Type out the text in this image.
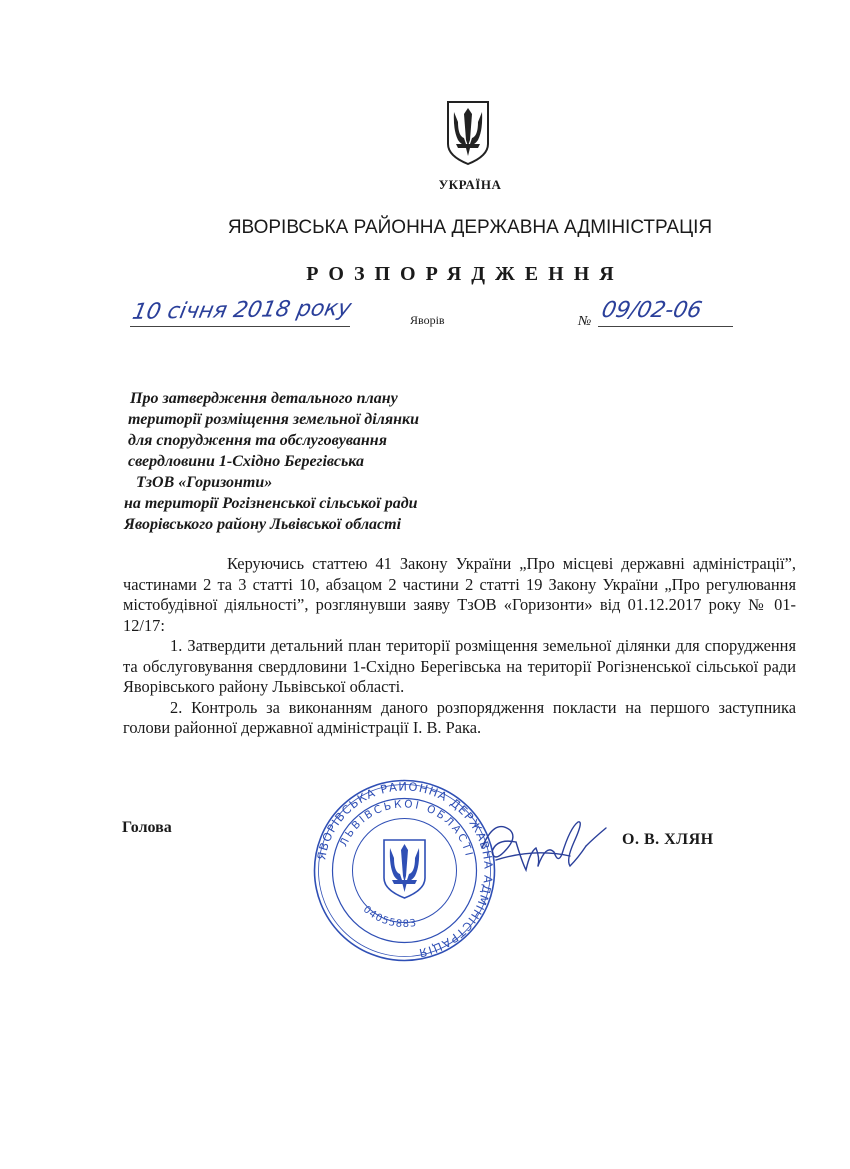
УКРАЇНА
ЯВОРІВСЬКА РАЙОННА ДЕРЖАВНА АДМІНІСТРАЦІЯ
РОЗПОРЯДЖЕННЯ
10 січня 2018 року	Яворів	№ 09/02-06
Про затвердження детального плану
території розміщення земельної ділянки
для спорудження та обслуговування
свердловини 1-Східно Берегівська
ТзОВ «Горизонти»
на території Рогізненської сільської ради
Яворівського району Львівської області

Керуючись статтею 41 Закону України „Про місцеві державні адміністрації”, частинами 2 та 3 статті 10, абзацом 2 частини 2 статті 19 Закону України „Про регулювання містобудівної діяльності”, розглянувши заяву ТзОВ «Горизонти» від 01.12.2017 року № 01-12/17:

1. Затвердити детальний план території розміщення земельної ділянки для спорудження та обслуговування свердловини 1-Східно Берегівська на території Рогізненської сільської ради Яворівського району Львівської області.

2. Контроль за виконанням даного розпорядження покласти на першого заступника голови районної державної адміністрації І. В. Рака.

Голова
О. В. ХЛЯН
ЯВОРІВСЬКА РАЙОННА ДЕРЖАВНА АДМІНІСТРАЦІЯ
ЛЬВІВСЬКОЇ ОБЛАСТІ
04055883
